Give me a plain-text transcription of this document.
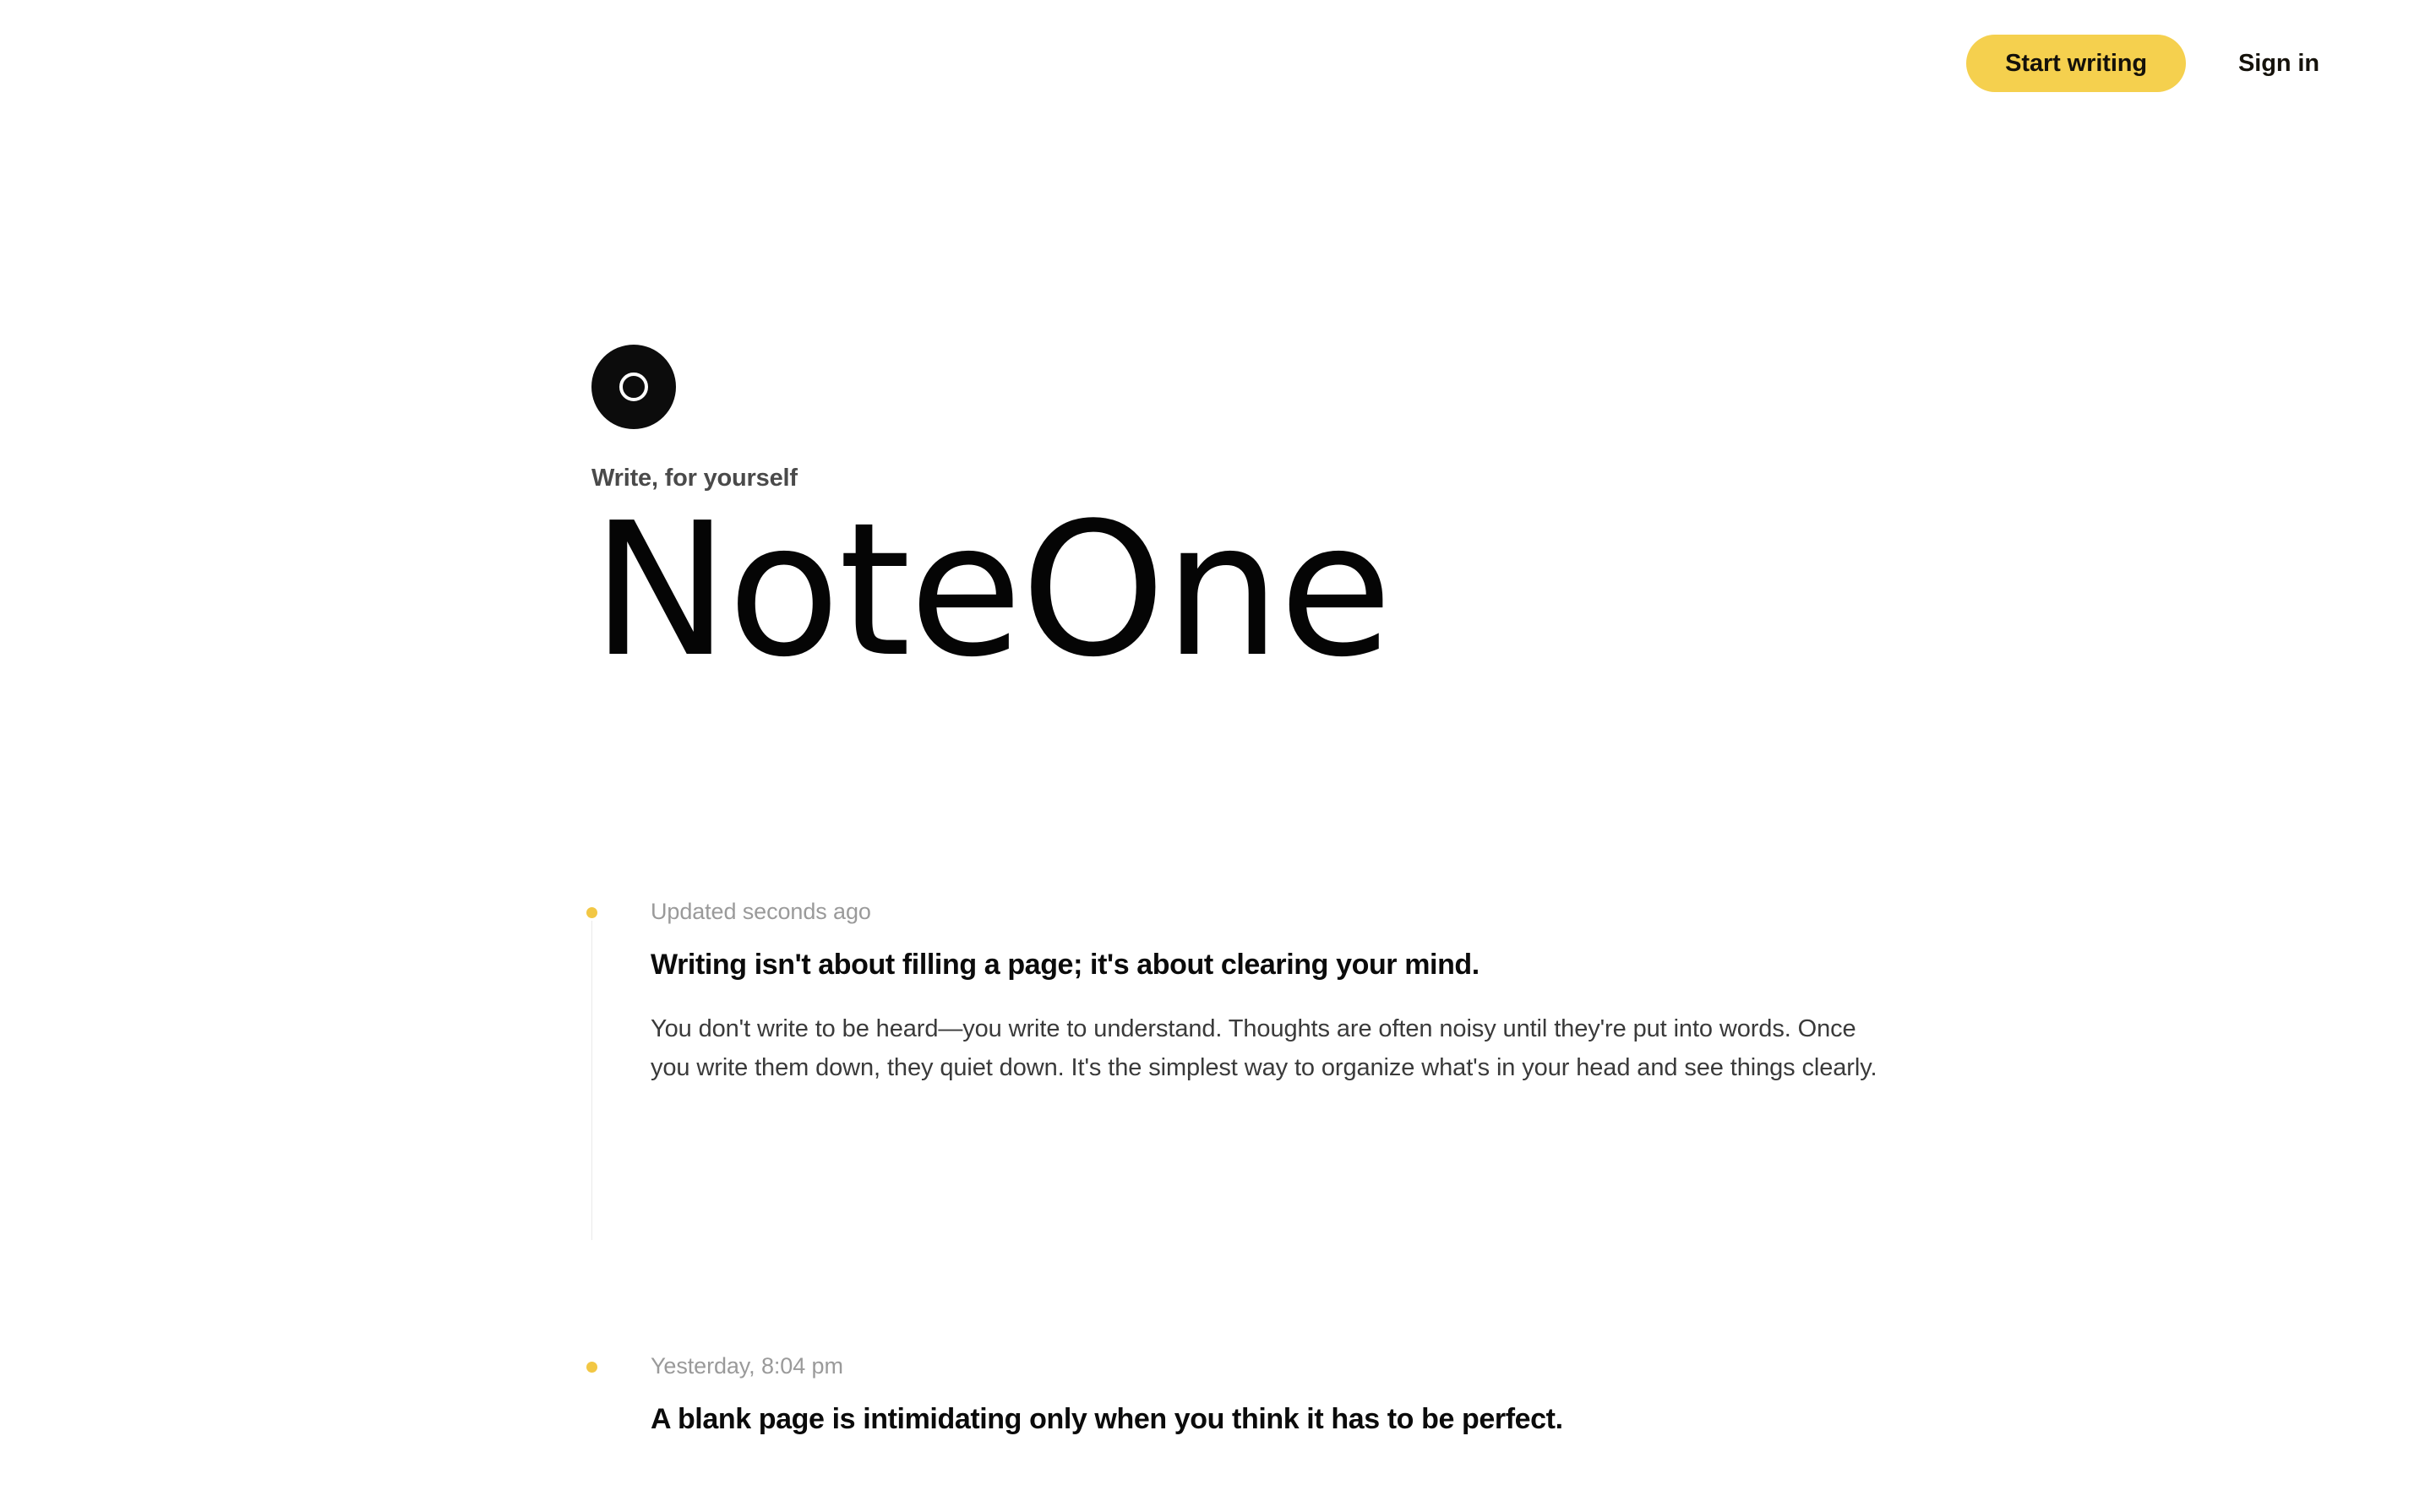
Start writing	Sign in
Write, for yourself
NoteOne
Updated seconds ago
Writing isn't about filling a page; it's about clearing your mind.
You don't write to be heard—you write to understand. Thoughts are often noisy until they're put into words. Once you write them down, they quiet down. It's the simplest way to organize what's in your head and see things clearly.
Yesterday, 8:04 pm
A blank page is intimidating only when you think it has to be perfect.
